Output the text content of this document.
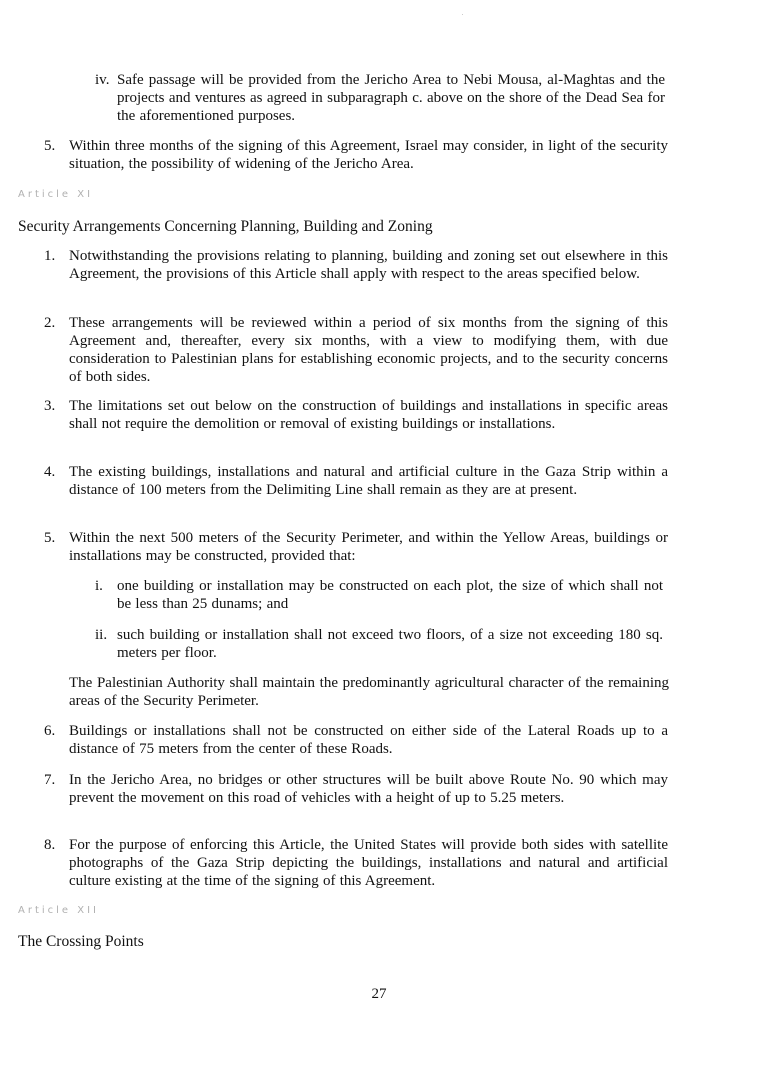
iv. Safe passage will be provided from the Jericho Area to Nebi Mousa, al-Maghtas and the projects and ventures as agreed in subparagraph c. above on the shore of the Dead Sea for the aforementioned purposes.
5. Within three months of the signing of this Agreement, Israel may consider, in light of the security situation, the possibility of widening of the Jericho Area.
Article XI
Security Arrangements Concerning Planning, Building and Zoning
1. Notwithstanding the provisions relating to planning, building and zoning set out elsewhere in this Agreement, the provisions of this Article shall apply with respect to the areas specified below.
2. These arrangements will be reviewed within a period of six months from the signing of this Agreement and, thereafter, every six months, with a view to modifying them, with due consideration to Palestinian plans for establishing economic projects, and to the security concerns of both sides.
3. The limitations set out below on the construction of buildings and installations in specific areas shall not require the demolition or removal of existing buildings or installations.
4. The existing buildings, installations and natural and artificial culture in the Gaza Strip within a distance of 100 meters from the Delimiting Line shall remain as they are at present.
5. Within the next 500 meters of the Security Perimeter, and within the Yellow Areas, buildings or installations may be constructed, provided that:
i. one building or installation may be constructed on each plot, the size of which shall not be less than 25 dunams; and
ii. such building or installation shall not exceed two floors, of a size not exceeding 180 sq. meters per floor.
The Palestinian Authority shall maintain the predominantly agricultural character of the remaining areas of the Security Perimeter.
6. Buildings or installations shall not be constructed on either side of the Lateral Roads up to a distance of 75 meters from the center of these Roads.
7. In the Jericho Area, no bridges or other structures will be built above Route No. 90 which may prevent the movement on this road of vehicles with a height of up to 5.25 meters.
8. For the purpose of enforcing this Article, the United States will provide both sides with satellite photographs of the Gaza Strip depicting the buildings, installations and natural and artificial culture existing at the time of the signing of this Agreement.
Article XII
The Crossing Points
27
